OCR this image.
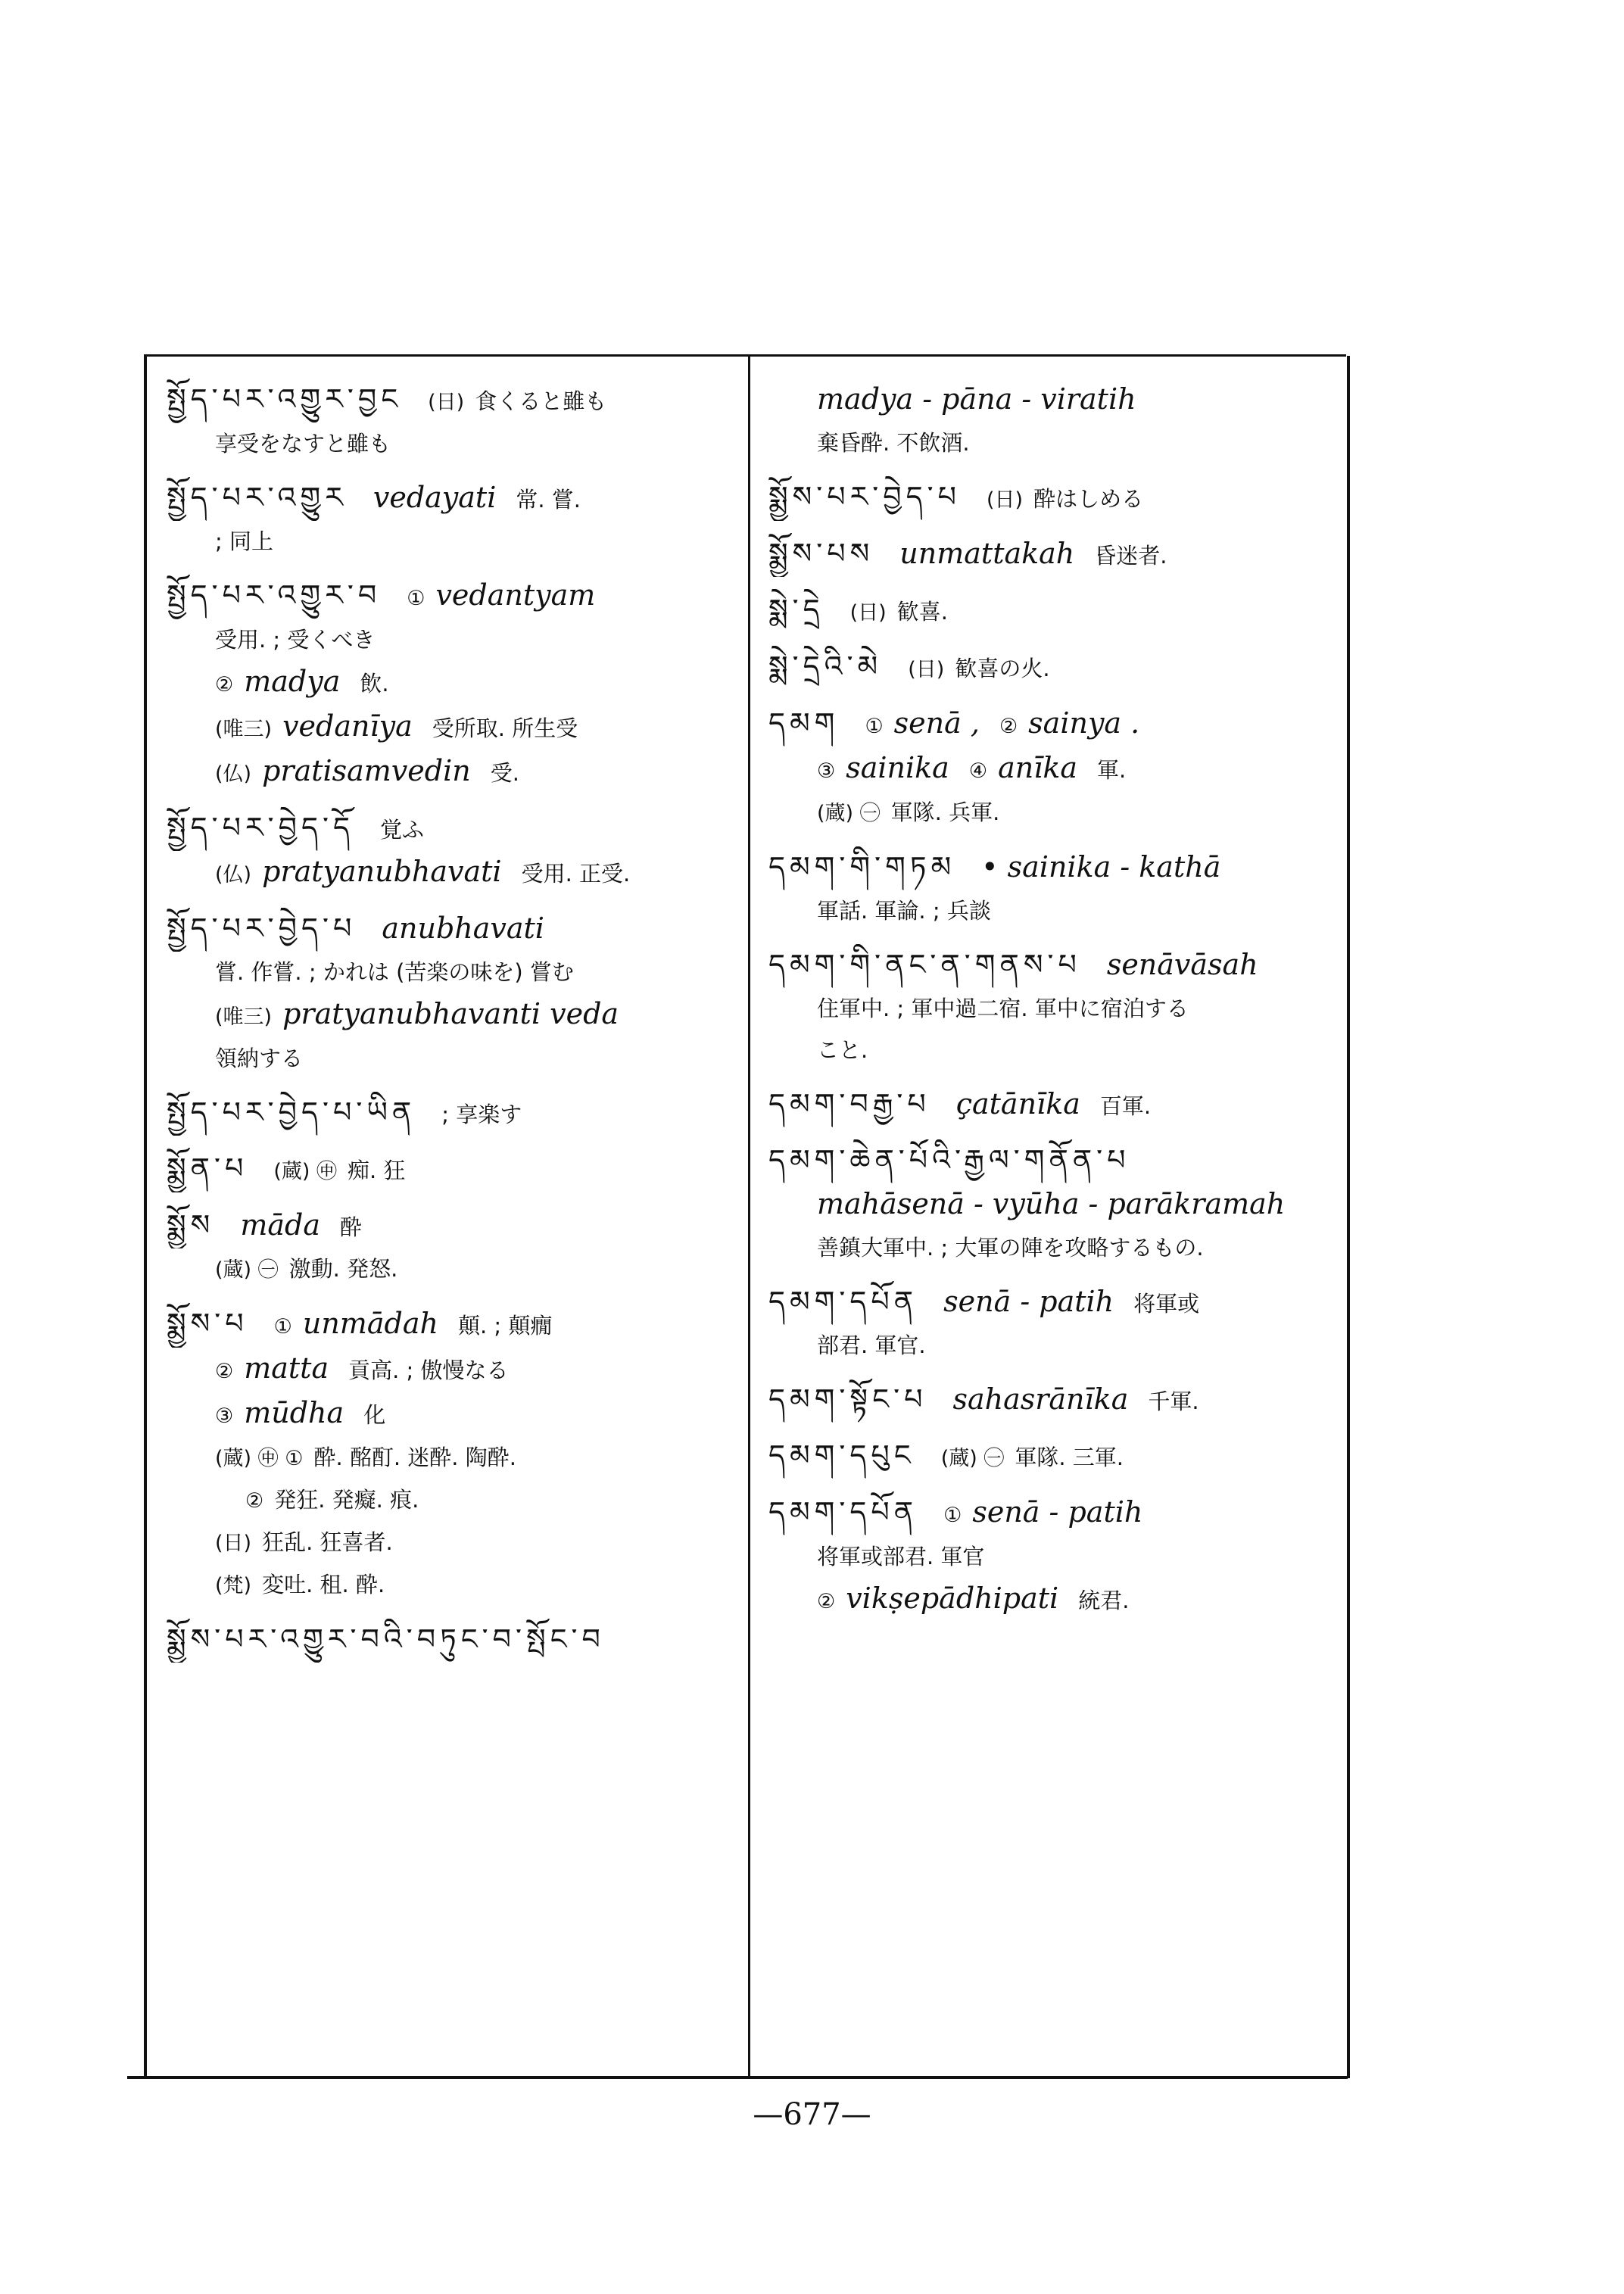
སྤྱོད་པར་འགྱུར་བྱང (日) 食くると雖も
享受をなすと雖も
སྤྱོད་པར་འགྱུར vedayati 常. 嘗.
; 同上
སྤྱོད་པར་འགྱུར་བ ① vedantyam
受用. ; 受くべき
② madya 飲.
(唯三) vedanīya 受所取. 所生受
(仏) pratisamvedin 受.
སྤྱོད་པར་བྱེད་དོ 覚ふ
(仏) pratyanubhavati 受用. 正受.
སྤྱོད་པར་བྱེད་པ anubhavati
嘗. 作嘗. ; かれは (苦楽の味を) 嘗む
(唯三) pratyanubhavanti veda
領納する
སྤྱོད་པར་བྱེད་པ་ཡིན ; 享楽す
སྨྱོན་པ (蔵) ㊥ 痴. 狂
སྨྱོས māda 酔
(蔵) ㊀ 激動. 発怒.
སྨྱོས་པ ① unmādah 顛. ; 顛癇
② matta 貢高. ; 傲慢なる
③ mūdha 化
(蔵) ㊥ ① 酔. 酩酊. 迷酔. 陶酔.
② 発狂. 発癡. 痕.
(日) 狂乱. 狂喜者.
(梵) 変吐. 租. 酔.
སྨྱོས་པར་འགྱུར་བའི་བཏུང་བ་སྤོང་བ
madya - pāna - viratih
棄昏酔. 不飲酒.
སྨྱོས་པར་བྱེད་པ (日) 酔はしめる
སྨྱོས་པས unmattakah 昏迷者.
སྨེ་དྲེ (日) 歓喜.
སྨེ་དྲེའི་མེ (日) 歓喜の火.
དམག ① senā , ② sainya .
③ sainika ④ anīka 軍.
(蔵) ㊀ 軍隊. 兵軍.
དམག་གི་གཏམ • sainika - kathā
軍話. 軍論. ; 兵談
དམག་གི་ནང་ན་གནས་པ senāvāsah
住軍中. ; 軍中過二宿. 軍中に宿泊する
こと.
དམག་བརྒྱ་པ çatānīka 百軍.
དམག་ཆེན་པོའི་རྒྱལ་གནོན་པ
mahāsenā - vyūha - parākramah
善鎮大軍中. ; 大軍の陣を攻略するもの.
དམག་དཔོན senā - patih 将軍或
部君. 軍官.
དམག་སྟོང་པ sahasrānīka 千軍.
དམག་དཔུང (蔵) ㊀ 軍隊. 三軍.
དམག་དཔོན ① senā - patih
将軍或部君. 軍官
② vikṣepādhipati 統君.
—677—
